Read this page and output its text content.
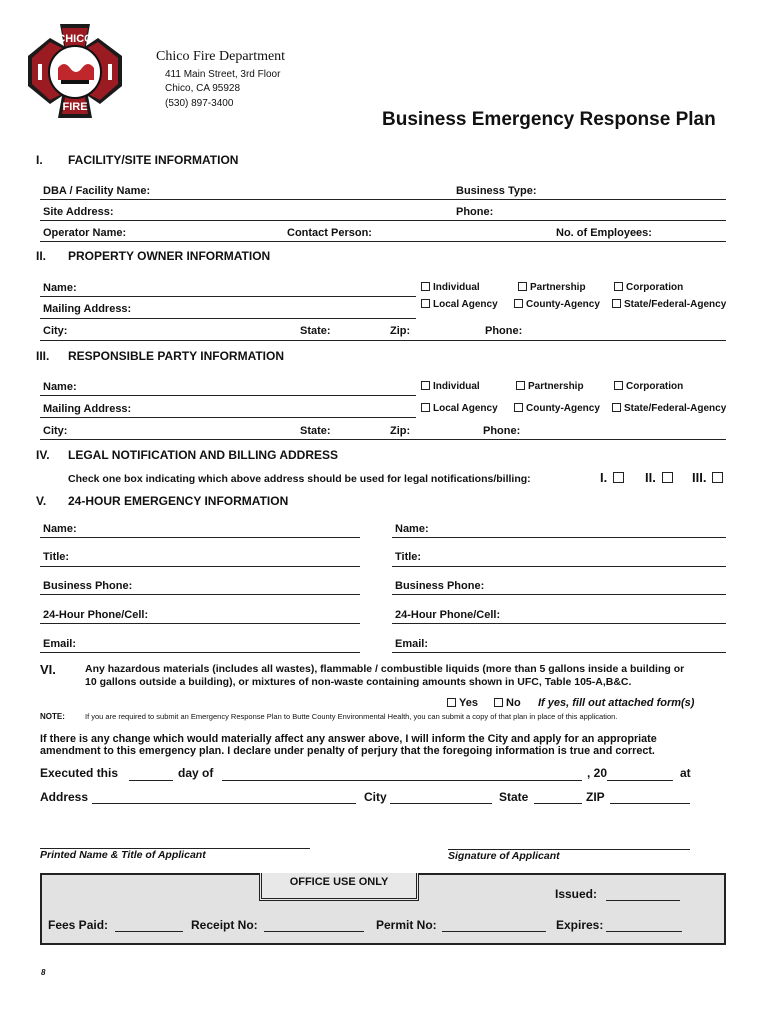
CHICO
FIRE
Chico Fire Department
411 Main Street, 3rd Floor
Chico, CA 95928
(530) 897-3400
Business Emergency Response Plan
I. FACILITY/SITE INFORMATION
DBA / Facility Name:	Business Type:
Site Address:	Phone:
Operator Name:	Contact Person:	No. of Employees:
II. PROPERTY OWNER INFORMATION
Name:	Individual	Partnership	Corporation
Mailing Address:	Local Agency	County-Agency	State/Federal-Agency
City:	State:	Zip:	Phone:
III. RESPONSIBLE PARTY INFORMATION
Name:	Individual	Partnership	Corporation
Mailing Address:	Local Agency	County-Agency	State/Federal-Agency
City:	State:	Zip:	Phone:
IV. LEGAL NOTIFICATION AND BILLING ADDRESS
Check one box indicating which above address should be used for legal notifications/billing:	I.	II.	III.
V. 24-HOUR EMERGENCY INFORMATION
Name:	Name:
Title:	Title:
Business Phone:	Business Phone:
24-Hour Phone/Cell:	24-Hour Phone/Cell:
Email:	Email:
VI.	Any hazardous materials (includes all wastes), flammable / combustible liquids (more than 5 gallons inside a building or
10 gallons outside a building), or mixtures of non-waste containing amounts shown in UFC, Table 105-A,B&C.
Yes	No If yes, fill out attached form(s)
NOTE:	If you are required to submit an Emergency Response Plan to Butte County Environmental Health, you can submit a copy of that plan in place of this application.
If there is any change which would materially affect any answer above, I will inform the City and apply for an appropriate
amendment to this emergency plan. I declare under penalty of perjury that the foregoing information is true and correct.
Executed this	day of	, 20	at
Address	City	State	ZIP
Printed Name & Title of Applicant	Signature of Applicant
OFFICE USE ONLY
Issued:
Fees Paid:	Receipt No:	Permit No:	Expires:
8
